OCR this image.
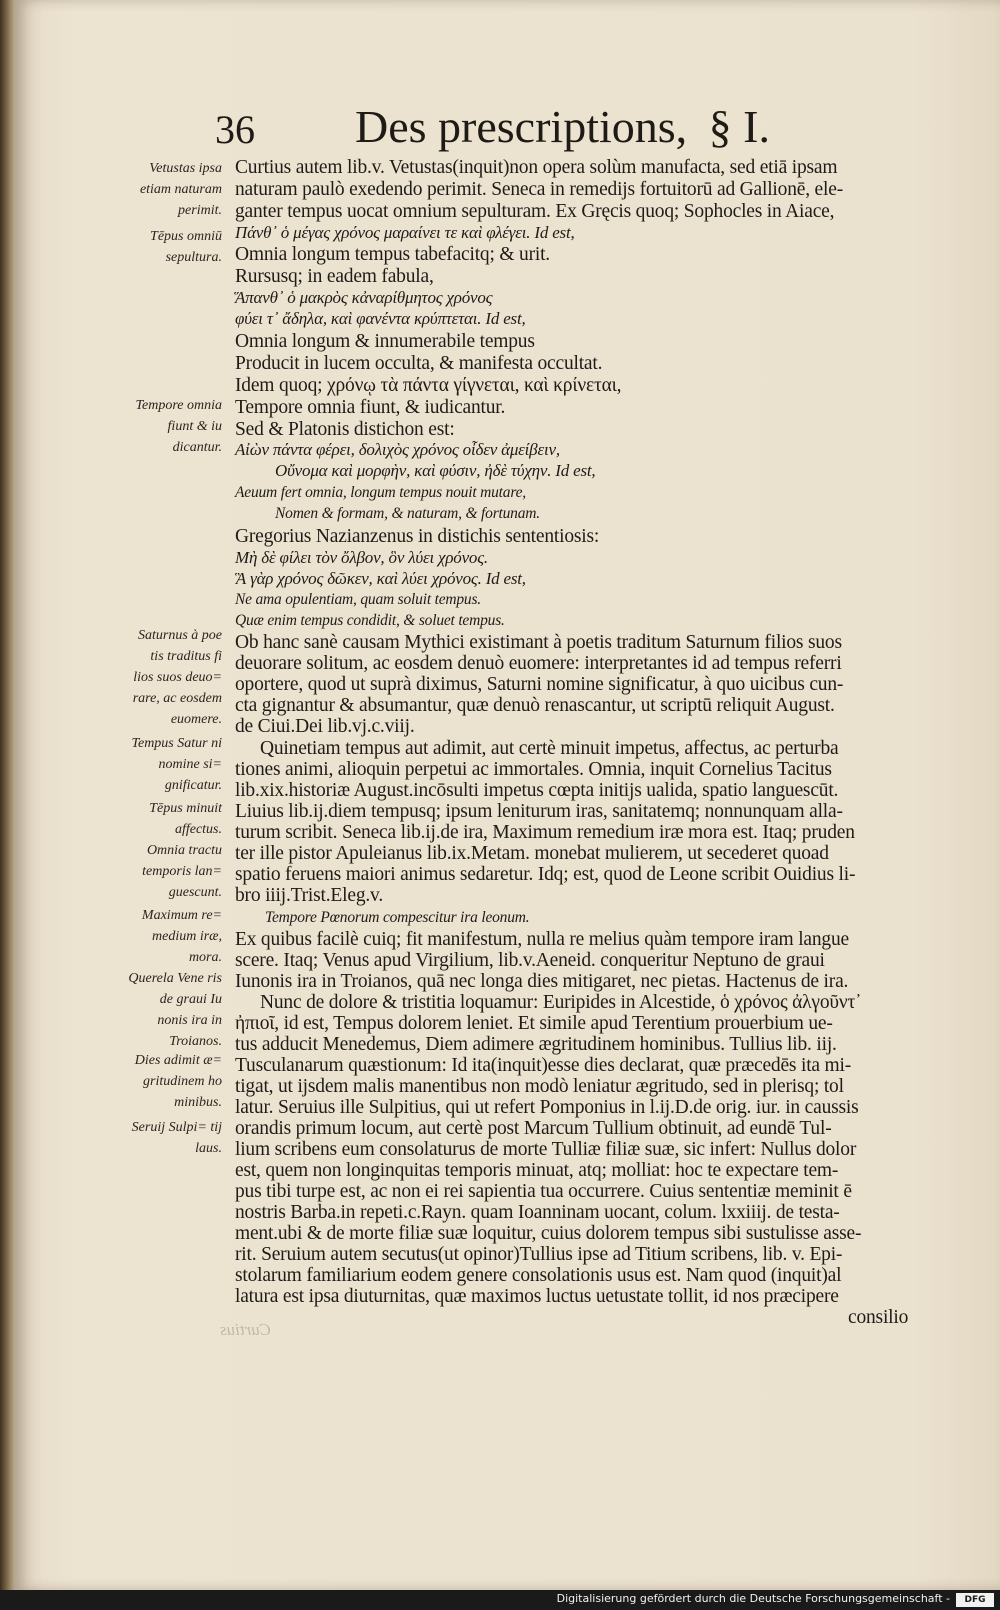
36 Des prescriptions, § I.
Vetustas ipsa etiam naturam perimit.
Tēpus omniū sepultura.
Tempore omnia fiunt & iu dicantur.
Saturnus à poe tis traditus fi lios suos deuo= rare, ac eosdem euomere.
Tempus Satur ni nomine si= gnificatur.
Tēpus minuit affectus.
Omnia tractu temporis lan= guescunt.
Maximum re= medium iræ, mora.
Querela Vene ris de graui Iu nonis ira in Troianos.
Dies adimit æ= gritudinem ho minibus.
Seruij Sulpi= tij laus.
Curtius autem lib.v. Vetustas(inquit)non opera solùm manufacta, sed etiā ipsam
naturam paulò exedendo perimit. Seneca in remedijs fortuitorū ad Gallionē, ele-
ganter tempus uocat omnium sepulturam. Ex Gręcis quoq; Sophocles in Aiace,
Πάνθ᾽ ὁ μέγας χρόνος μαραίνει τε καὶ φλέγει. Id est,
Omnia longum tempus tabefacitq; & urit.
Rursusq; in eadem fabula,
Ἅπανθ᾽ ὁ μακρὸς κἀναρίθμητος χρόνος
φύει τ᾽ ἄδηλα, καὶ φανέντα κρύπτεται. Id est,
Omnia longum & innumerabile tempus
Producit in lucem occulta, & manifesta occultat.
Idem quoq; χρόνῳ τὰ πάντα γίγνεται, καὶ κρίνεται,
Tempore omnia fiunt, & iudicantur.
Sed & Platonis distichon est:
Αἰὼν πάντα φέρει, δολιχὸς χρόνος οἶδεν ἀμείβειν,
Οὔνομα καὶ μορφὴν, καὶ φύσιν, ἠδὲ τύχην. Id est,
Aeuum fert omnia, longum tempus nouit mutare,
Nomen & formam, & naturam, & fortunam.
Gregorius Nazianzenus in distichis sententiosis:
Μὴ δὲ φίλει τὸν ὄλβον, ὃν λύει χρόνος.
Ἃ γὰρ χρόνος δῶκεν, καὶ λύει χρόνος. Id est,
Ne ama opulentiam, quam soluit tempus.
Quæ enim tempus condidit, & soluet tempus.
Ob hanc sanè causam Mythici existimant à poetis traditum Saturnum filios suos
deuorare solitum, ac eosdem denuò euomere: interpretantes id ad tempus referri
oportere, quod ut suprà diximus, Saturni nomine significatur, à quo uicibus cun-
cta gignantur & absumantur, quæ denuò renascantur, ut scriptū reliquit August.
de Ciui.Dei lib.vj.c.viij.
Quinetiam tempus aut adimit, aut certè minuit impetus, affectus, ac perturba
tiones animi, alioquin perpetui ac immortales. Omnia, inquit Cornelius Tacitus
lib.xix.historiæ August.incōsulti impetus cœpta initijs ualida, spatio languescūt.
Liuius lib.ij.diem tempusq; ipsum leniturum iras, sanitatemq; nonnunquam alla-
turum scribit. Seneca lib.ij.de ira, Maximum remedium iræ mora est. Itaq; pruden
ter ille pistor Apuleianus lib.ix.Metam. monebat mulierem, ut secederet quoad
spatio feruens maiori animus sedaretur. Idq; est, quod de Leone scribit Ouidius li-
bro iiij.Trist.Eleg.v.
Tempore Pœnorum compescitur ira leonum.
Ex quibus facilè cuiq; fit manifestum, nulla re melius quàm tempore iram langue
scere. Itaq; Venus apud Virgilium, lib.v.Aeneid. conqueritur Neptuno de graui
Iunonis ira in Troianos, quā nec longa dies mitigaret, nec pietas. Hactenus de ira.
Nunc de dolore & tristitia loquamur: Euripides in Alcestide, ὁ χρόνος ἀλγοῦντ᾽
ἠπιοῖ, id est, Tempus dolorem leniet. Et simile apud Terentium prouerbium ue-
tus adducit Menedemus, Diem adimere ægritudinem hominibus. Tullius lib. iij.
Tusculanarum quæstionum: Id ita(inquit)esse dies declarat, quæ præcedēs ita mi-
tigat, ut ijsdem malis manentibus non modò leniatur ægritudo, sed in plerisq; tol
latur. Seruius ille Sulpitius, qui ut refert Pomponius in l.ij.D.de orig. iur. in caussis
orandis primum locum, aut certè post Marcum Tullium obtinuit, ad eundē Tul-
lium scribens eum consolaturus de morte Tulliæ filiæ suæ, sic infert: Nullus dolor
est, quem non longinquitas temporis minuat, atq; molliat: hoc te expectare tem-
pus tibi turpe est, ac non ei rei sapientia tua occurrere. Cuius sententiæ meminit ē
nostris Barba.in repeti.c.Rayn. quam Ioanninam uocant, colum. lxxiiij. de testa-
ment.ubi & de morte filiæ suæ loquitur, cuius dolorem tempus sibi sustulisse asse-
rit. Seruium autem secutus(ut opinor)Tullius ipse ad Titium scribens, lib. v. Epi-
stolarum familiarium eodem genere consolationis usus est. Nam quod (inquit)al
latura est ipsa diuturnitas, quæ maximos luctus uetustate tollit, id nos præcipere
consilio
Curtius
Digitalisierung gefördert durch die Deutsche Forschungsgemeinschaft -	DFG
